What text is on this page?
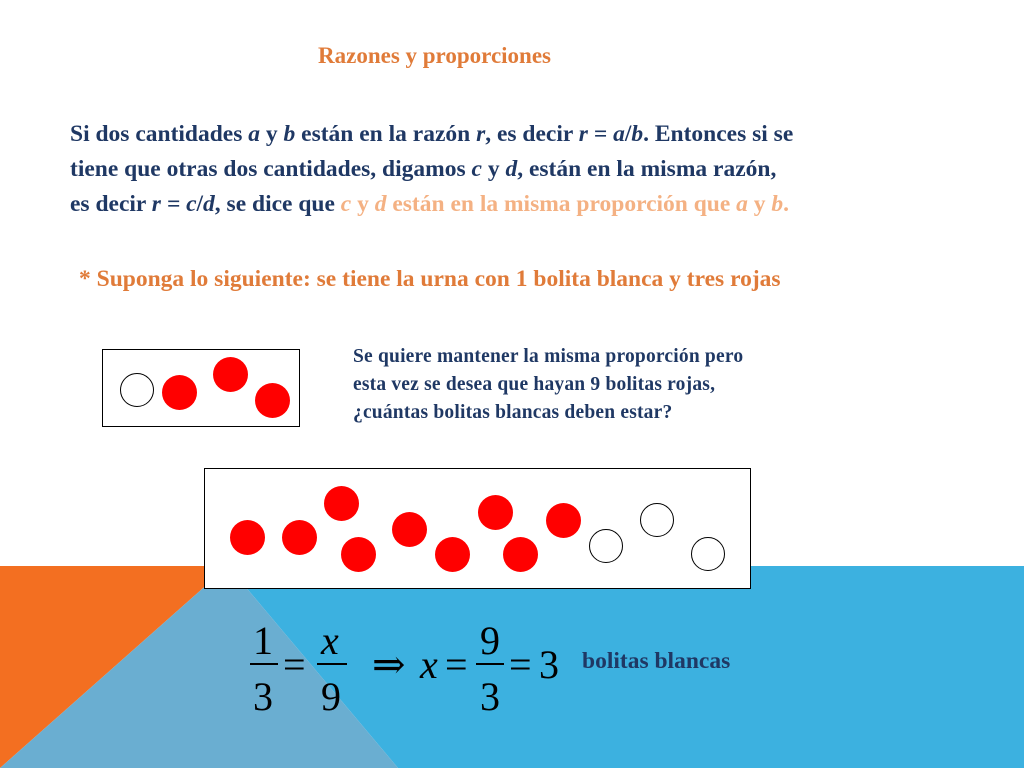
Razones y proporciones
Si dos cantidades a y b están en la razón r, es decir r = a/b. Entonces si se
tiene que otras dos cantidades, digamos c y d, están en la misma razón,
es decir r = c/d, se dice que c y d están en la misma proporción que a y b.
* Suponga lo siguiente: se tiene la urna con 1 bolita blanca y tres rojas
Se quiere mantener la misma proporción pero
esta vez se desea que hayan 9 bolitas rojas,
¿cuántas bolitas blancas deben estar?
1
3
=
x
9
⇒ x =
9
3
= 3 bolitas blancas
